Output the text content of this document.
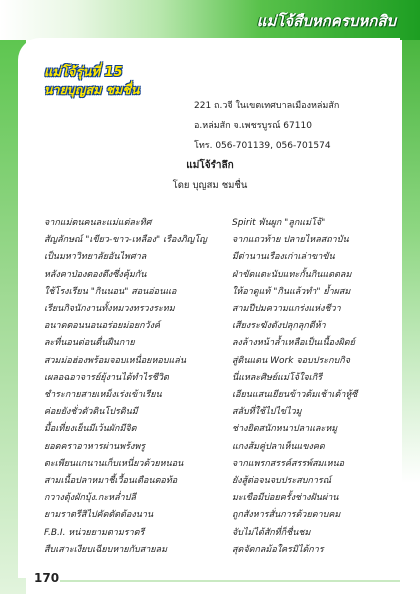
แม่โจ้สืบหกครบหกสิบ
แม่โจ้รุ่นที่ 15
นายบุญสม ชมชื่น
221 ถ.วจี ในเขตเทศบาลเมืองหล่มสัก
อ.หล่มสัก จ.เพชรบูรณ์ 67110
โทร. 056-701139, 056-701574
แม่โจ้รำลึก
โดย บุญสม ชมชื่น
จากแม่ตนคนละแม่แต่ละทิศ
สัญลักษณ์ "เขียว-ขาว-เหลือง" เรืองภิญโญ
เป็นมหาวิทยาลัยอันไพศาล
หลังคาป่องตองตึงซึ่งคุ้มกัน
ใช้โรงเรียน "กินนอน" สอนอ่อนแอ
เรียนกิจนักงานทั้งหมวงทรวงระทม
อนาดตอนนอนอร่อยม่อยกวังค์
ละที่นอนด่อนตื่นฝืนกาย
สวมม่อฮ่องพร้อมจอบเหนื่อยหอบแล่น
เผลอฉอาจารย์ยุ้งานได้ทำไรชีวิต
ชำระกายสายเหม็งเร่งเข้าเรียน
ค่อยยังชั่วตัวดินโปรดินมี
มื้อเที่ยงเย็นมีเว้นผักมีจิต
ยอดคราอาหารผ่านพร้งพรู
ตะเพียนแกนานเก็บเหนี่ยวด้วยหนอน
สามเนื้อปลาหมาชี้เวื้อนเตือนตอท้อ
กวางตุ้งผักบุ้ง.กะหล่ำปลี
ยามราตรีสิไปคัดตัดต้องนาน
F.B.I. หน่วยยามตามราตรี
สืบเสาะเงียบเฉียบหายกับสายลม
Spirit พันผูก "ลูกแม่โจ้"
จากแถวท้าย ปลายไหลสถาบัน
มีต่านานเรืองเก่าเล่าขาขัน
ฝ่าขัดแตะนับแทะกั้นกินแดดลม
ให้อาดูแท้ "กินแล้วทำ" ย้ำผสม
สามปีปมความแกร่งแห่งชีวา
เสียงระฆังดังปลุกลุกตีห้า
ลงล้างหน้าล้ำเหลือเป็นเนื้องผิดย์
สู่ดินแดน Work จอบประกบกิจ
นี่แหละศิษย์แม่โจ้ใจเกิรี
เอียนแสนเยียนข้าวต้มเช้าเต้าหู้ซี
สลับที่ใช้ไปไข่ไวมู
ช่างยิดสนักหนาปลาและหมู
แกงส้มคู่ปลาเห็นแขงคด
จากแพรกสรรค์สรรพ์สมเหนอ
ยังสู้ต่อจนจบประสบการณ์
มะเขือมีบ่อยครั้งช่างฝันผ่าน
ถูกสังหารสั่นการด้วยดาบคม
จับไม่ได้สักที่ก็ชื่นชม
สุดจัดกลม้อใครมิได้การ
170
